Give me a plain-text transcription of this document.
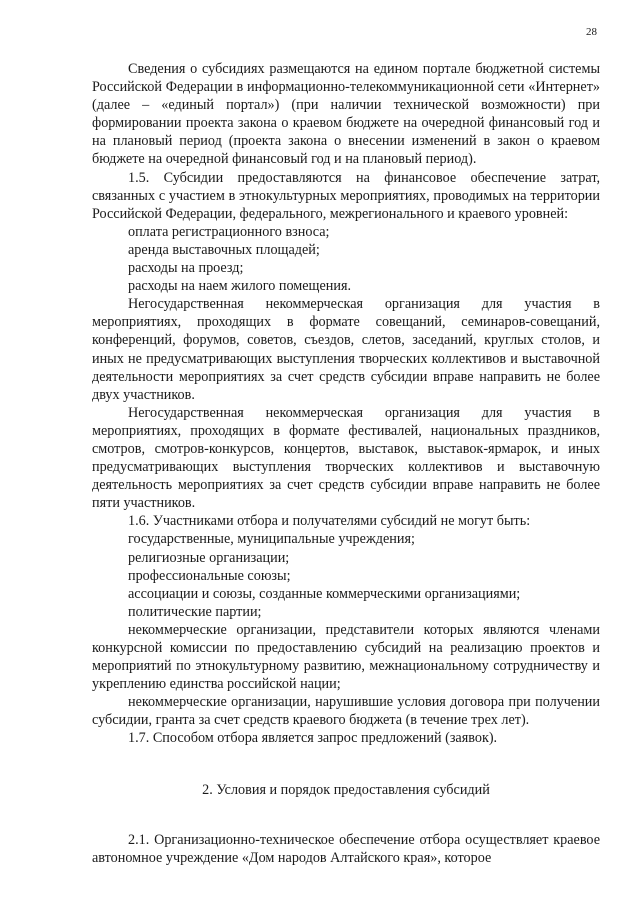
28

Сведения о субсидиях размещаются на едином портале бюджетной системы Российской Федерации в информационно-телекоммуникационной сети «Интернет» (далее – «единый портал») (при наличии технической возможности) при формировании проекта закона о краевом бюджете на очередной финансовый год и на плановый период (проекта закона о внесении изменений в закон о краевом бюджете на очередной финансовый год и на плановый период).

1.5. Субсидии предоставляются на финансовое обеспечение затрат, связанных с участием в этнокультурных мероприятиях, проводимых на территории Российской Федерации, федерального, межрегионального и краевого уровней:

оплата регистрационного взноса;

аренда выставочных площадей;

расходы на проезд;

расходы на наем жилого помещения.

Негосударственная некоммерческая организация для участия в мероприятиях, проходящих в формате совещаний, семинаров-совещаний, конференций, форумов, советов, съездов, слетов, заседаний, круглых столов, и иных не предусматривающих выступления творческих коллективов и выставочной деятельности мероприятиях за счет средств субсидии вправе направить не более двух участников.

Негосударственная некоммерческая организация для участия в мероприятиях, проходящих в формате фестивалей, национальных праздников, смотров, смотров-конкурсов, концертов, выставок, выставок-ярмарок, и иных предусматривающих выступления творческих коллективов и выставочную деятельность мероприятиях за счет средств субсидии вправе направить не более пяти участников.

1.6. Участниками отбора и получателями субсидий не могут быть:

государственные, муниципальные учреждения;

религиозные организации;

профессиональные союзы;

ассоциации и союзы, созданные коммерческими организациями;

политические партии;

некоммерческие организации, представители которых являются членами конкурсной комиссии по предоставлению субсидий на реализацию проектов и мероприятий по этнокультурному развитию, межнациональному сотрудничеству и укреплению единства российской нации;

некоммерческие организации, нарушившие условия договора при получении субсидии, гранта за счет средств краевого бюджета (в течение трех лет).

1.7. Способом отбора является запрос предложений (заявок).

2. Условия и порядок предоставления субсидий

2.1. Организационно-техническое обеспечение отбора осуществляет краевое автономное учреждение «Дом народов Алтайского края», которое
